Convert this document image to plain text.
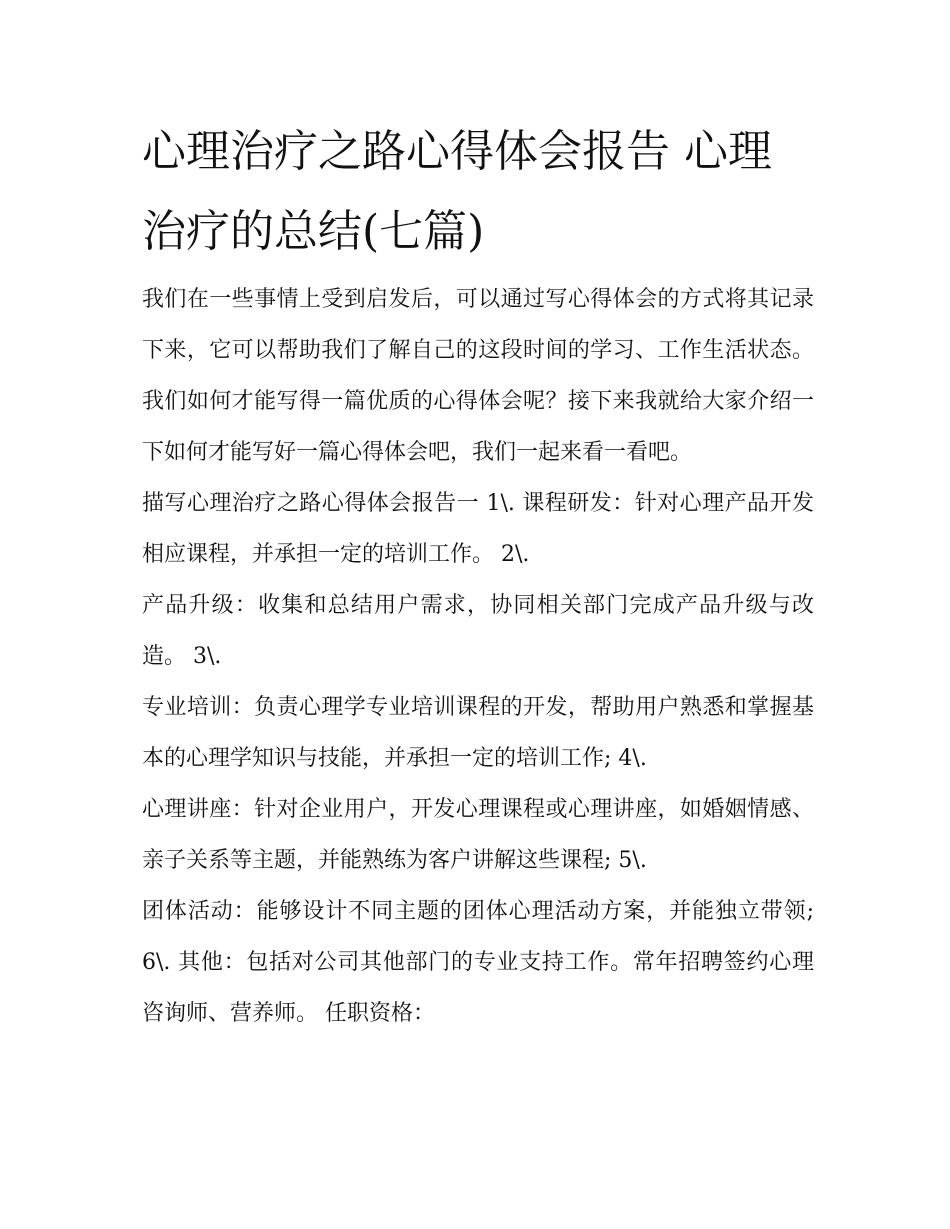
心理治疗之路心得体会报告 心理治疗的总结(七篇)

我们在一些事情上受到启发后，可以通过写心得体会的方式将其记录下来，它可以帮助我们了解自己的这段时间的学习、工作生活状态。我们如何才能写得一篇优质的心得体会呢？接下来我就给大家介绍一下如何才能写好一篇心得体会吧，我们一起来看一看吧。

描写心理治疗之路心得体会报告一 1\. 课程研发：针对心理产品开发相应课程，并承担一定的培训工作。 2\.

产品升级：收集和总结用户需求，协同相关部门完成产品升级与改造。 3\.

专业培训：负责心理学专业培训课程的开发，帮助用户熟悉和掌握基本的心理学知识与技能，并承担一定的培训工作; 4\.

心理讲座：针对企业用户，开发心理课程或心理讲座，如婚姻情感、亲子关系等主题，并能熟练为客户讲解这些课程; 5\.

团体活动：能够设计不同主题的团体心理活动方案，并能独立带领; 6\. 其他：包括对公司其他部门的专业支持工作。常年招聘签约心理咨询师、营养师。 任职资格：
